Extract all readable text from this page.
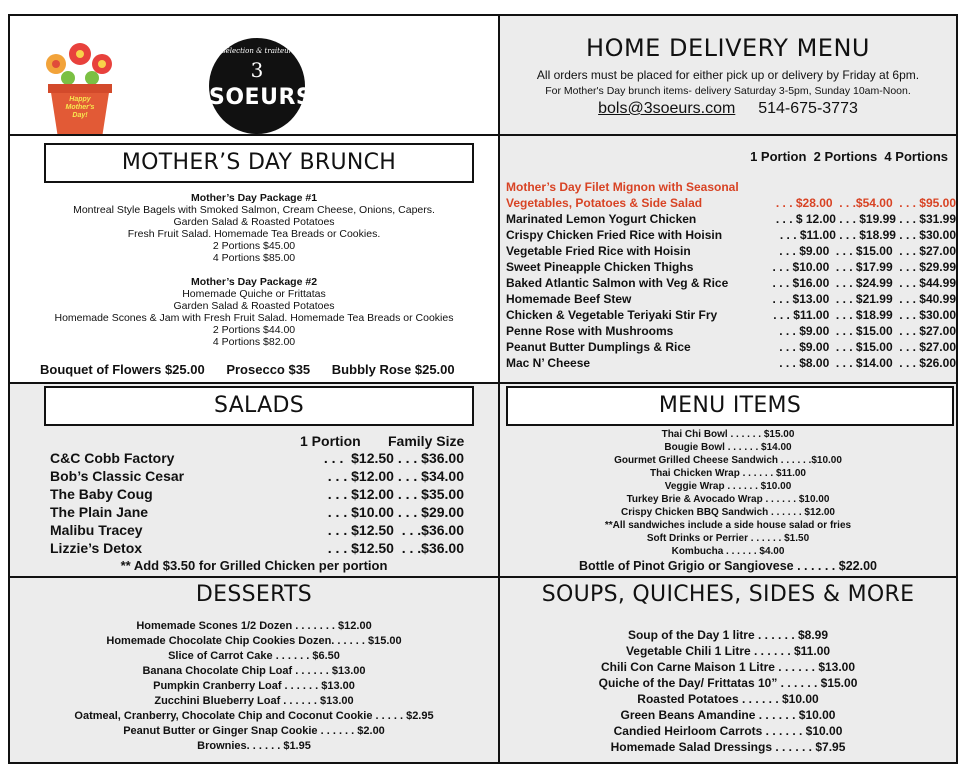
Happy Mother's Day!
sélection & traiteur
3
SOEURS
HOME DELIVERY MENU
All orders must be placed for either pick up or delivery by Friday at 6pm.
For Mother's Day brunch items- delivery Saturday 3-5pm, Sunday 10am-Noon.
bols@3soeurs.com 514-675-3773
MOTHER’S DAY BRUNCH
Mother’s Day Package #1
Montreal Style Bagels with Smoked Salmon, Cream Cheese, Onions, Capers.
Garden Salad & Roasted Potatoes
Fresh Fruit Salad. Homemade Tea Breads or Cookies.
2 Portions $45.00
4 Portions $85.00
Mother’s Day Package #2
Homemade Quiche or Frittatas
Garden Salad & Roasted Potatoes
Homemade Scones & Jam with Fresh Fruit Salad. Homemade Tea Breads or Cookies
2 Portions $44.00
4 Portions $82.00
Bouquet of Flowers $25.00 Prosecco $35 Bubbly Rose $25.00
1 Portion  2 Portions  4 Portions
Mother’s Day Filet Mignon with Seasonal
Vegetables, Potatoes & Side Salad	. . . $28.00  . . .$54.00  . . . $95.00
Marinated Lemon Yogurt Chicken	. . . $ 12.00 . . . $19.99 . . . $31.99
Crispy Chicken Fried Rice with Hoisin	. . . $11.00 . . . $18.99 . . . $30.00
Vegetable Fried Rice with Hoisin	. . . $9.00  . . . $15.00  . . . $27.00
Sweet Pineapple Chicken Thighs	. . . $10.00  . . . $17.99  . . . $29.99
Baked Atlantic Salmon with Veg & Rice	. . . $16.00  . . . $24.99  . . . $44.99
Homemade Beef Stew	. . . $13.00  . . . $21.99  . . . $40.99
Chicken & Vegetable Teriyaki Stir Fry	. . . $11.00  . . . $18.99  . . . $30.00
Penne Rose with Mushrooms	. . . $9.00  . . . $15.00  . . . $27.00
Peanut Butter Dumplings & Rice	. . . $9.00  . . . $15.00  . . . $27.00
Mac N’ Cheese	. . . $8.00  . . . $14.00  . . . $26.00
SALADS
1 Portion Family Size
C&C Cobb Factory	. . .  $12.50 . . . $36.00
Bob’s Classic Cesar	. . . $12.00 . . . $34.00
The Baby Coug	. . . $12.00 . . . $35.00
The Plain Jane	. . . $10.00 . . . $29.00
Malibu Tracey	. . . $12.50  . . .$36.00
Lizzie’s Detox	. . . $12.50  . . .$36.00
** Add $3.50 for Grilled Chicken per portion
MENU ITEMS
Thai Chi Bowl . . . . . . $15.00
Bougie Bowl . . . . . . $14.00
Gourmet Grilled Cheese Sandwich . . . . . .$10.00
Thai Chicken Wrap . . . . . . $11.00
Veggie Wrap . . . . . . $10.00
Turkey Brie & Avocado Wrap . . . . . . $10.00
Crispy Chicken BBQ Sandwich . . . . . . $12.00
**All sandwiches include a side house salad or fries
Soft Drinks or Perrier . . . . . . $1.50
Kombucha . . . . . . $4.00
Bottle of Pinot Grigio or Sangiovese . . . . . . $22.00
DESSERTS
Homemade Scones 1/2 Dozen . . . . . . . $12.00
Homemade Chocolate Chip Cookies Dozen. . . . . . $15.00
Slice of Carrot Cake . . . . . . $6.50
Banana Chocolate Chip Loaf . . . . . . $13.00
Pumpkin Cranberry Loaf . . . . . . $13.00
Zucchini Blueberry Loaf . . . . . . $13.00
Oatmeal, Cranberry, Chocolate Chip and Coconut Cookie . . . . . $2.95
Peanut Butter or Ginger Snap Cookie . . . . . . $2.00
Brownies. . . . . . $1.95
SOUPS, QUICHES, SIDES & MORE
Soup of the Day 1 litre . . . . . . $8.99
Vegetable Chili 1 Litre . . . . . . $11.00
Chili Con Carne Maison 1 Litre . . . . . . $13.00
Quiche of the Day/ Frittatas 10” . . . . . . $15.00
Roasted Potatoes . . . . . . $10.00
Green Beans Amandine . . . . . . $10.00
Candied Heirloom Carrots . . . . . . $10.00
Homemade Salad Dressings . . . . . . $7.95
